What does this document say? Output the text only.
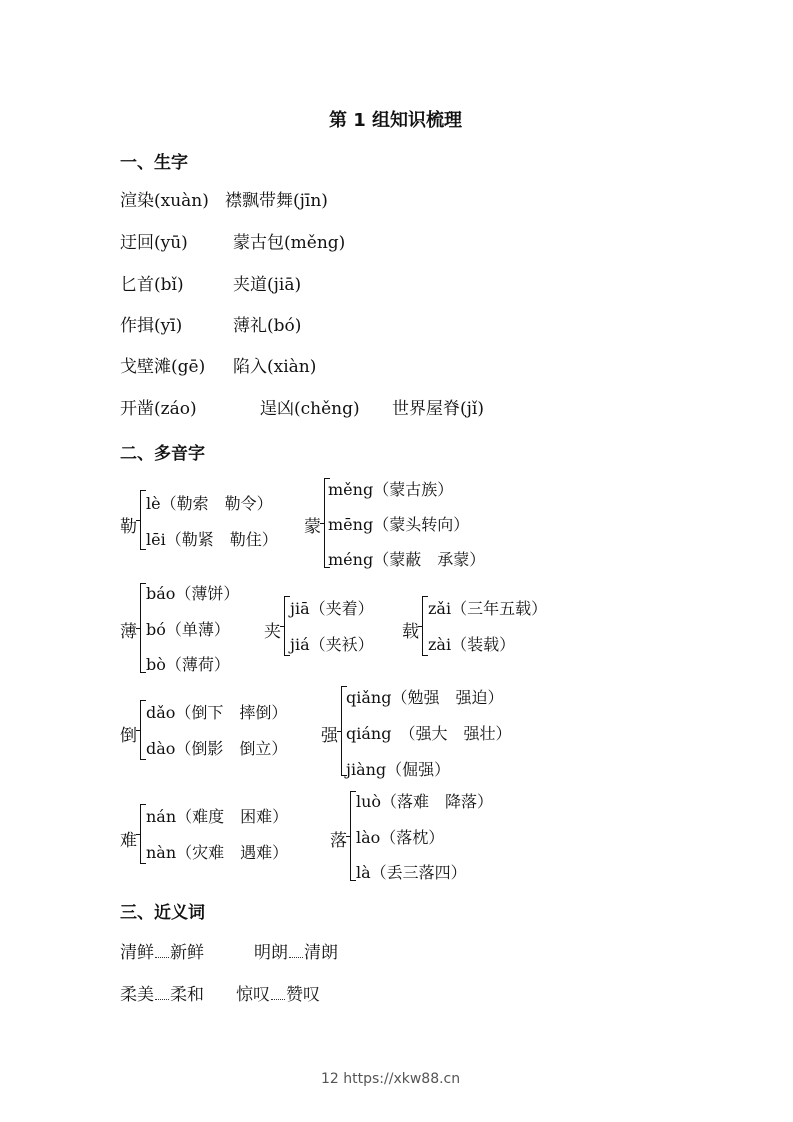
第 1 组知识梳理
一、生字
渲染(xuàn) 襟飘带舞(jīn)
迂回(yū)	蒙古包(měng)
匕首(bǐ)	夹道(jiā)
作揖(yī)	薄礼(bó)
戈壁滩(gē) 陷入(xiàn)
开凿(záo)	逞凶(chěng) 世界屋脊(jǐ)
二、多音字
勒
lè（勒索　勒令）
lēi（勒紧　勒住）
蒙
měng（蒙古族）
mēng（蒙头转向）
méng（蒙蔽　承蒙）
薄
báo（薄饼）
bó（单薄）
bò（薄荷）
夹
jiā（夹着）
jiá（夹袄）
载
zǎi（三年五载）
zài（装载）
倒
dǎo（倒下　摔倒）
dào（倒影　倒立）
强
qiǎng（勉强　强迫）
qiáng　（强大　强壮）
jiàng（倔强）
难
nán（难度　困难）
nàn（灾难　遇难）
落
luò（落难　降落）
lào（落枕）
là（丢三落四）
三、近义词
清鲜 新鲜	明朗 清朗
柔美 柔和 惊叹 赞叹
12 https://xkw88.cn
